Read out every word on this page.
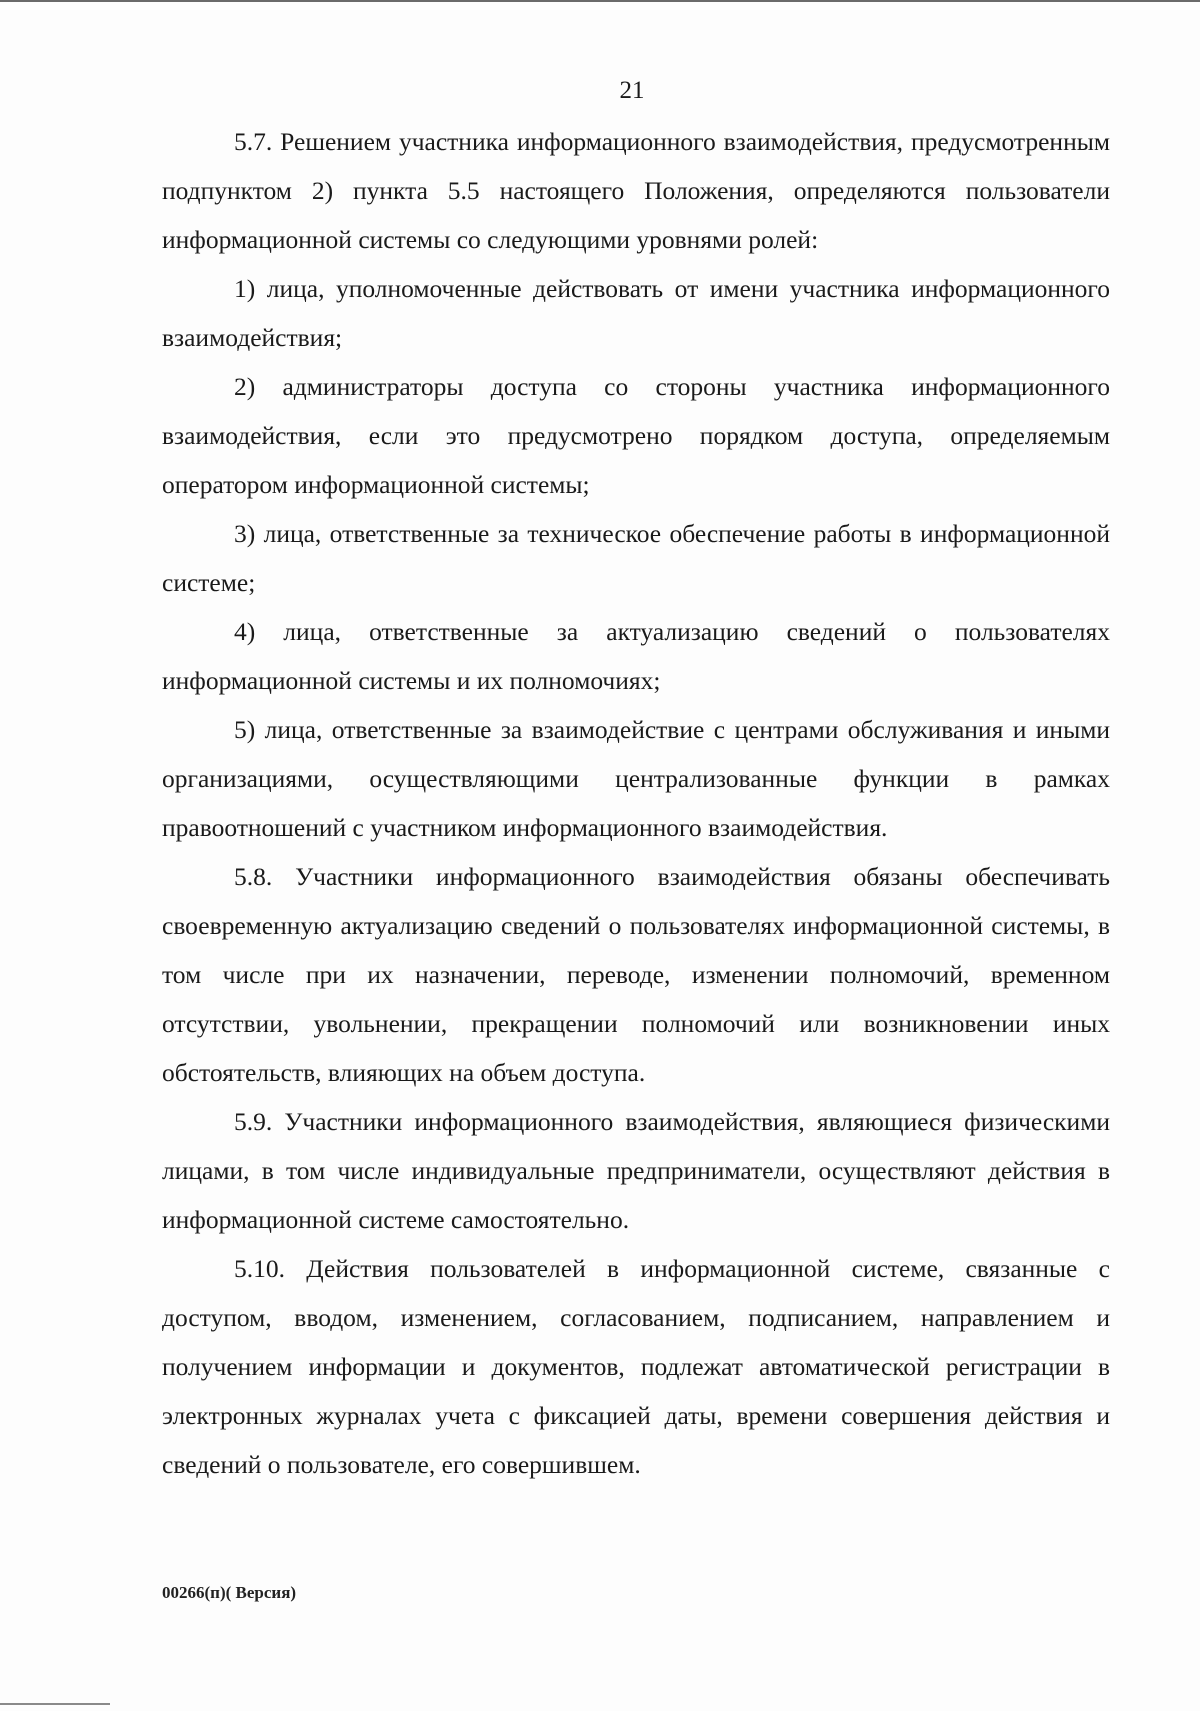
21

5.7. Решением участника информационного взаимодействия, предусмотренным подпунктом 2) пункта 5.5 настоящего Положения, определяются пользователи информационной системы со следующими уровнями ролей:

1) лица, уполномоченные действовать от имени участника информационного взаимодействия;

2) администраторы доступа со стороны участника информационного взаимодействия, если это предусмотрено порядком доступа, определяемым оператором информационной системы;

3) лица, ответственные за техническое обеспечение работы в информационной системе;

4) лица, ответственные за актуализацию сведений о пользователях информационной системы и их полномочиях;

5) лица, ответственные за взаимодействие с центрами обслуживания и иными организациями, осуществляющими централизованные функции в рамках правоотношений с участником информационного взаимодействия.

5.8. Участники информационного взаимодействия обязаны обеспечивать своевременную актуализацию сведений о пользователях информационной системы, в том числе при их назначении, переводе, изменении полномочий, временном отсутствии, увольнении, прекращении полномочий или возникновении иных обстоятельств, влияющих на объем доступа.

5.9. Участники информационного взаимодействия, являющиеся физическими лицами, в том числе индивидуальные предприниматели, осуществляют действия в информационной системе самостоятельно.

5.10. Действия пользователей в информационной системе, связанные с доступом, вводом, изменением, согласованием, подписанием, направлением и получением информации и документов, подлежат автоматической регистрации в электронных журналах учета с фиксацией даты, времени совершения действия и сведений о пользователе, его совершившем.

00266(п)( Версия)
